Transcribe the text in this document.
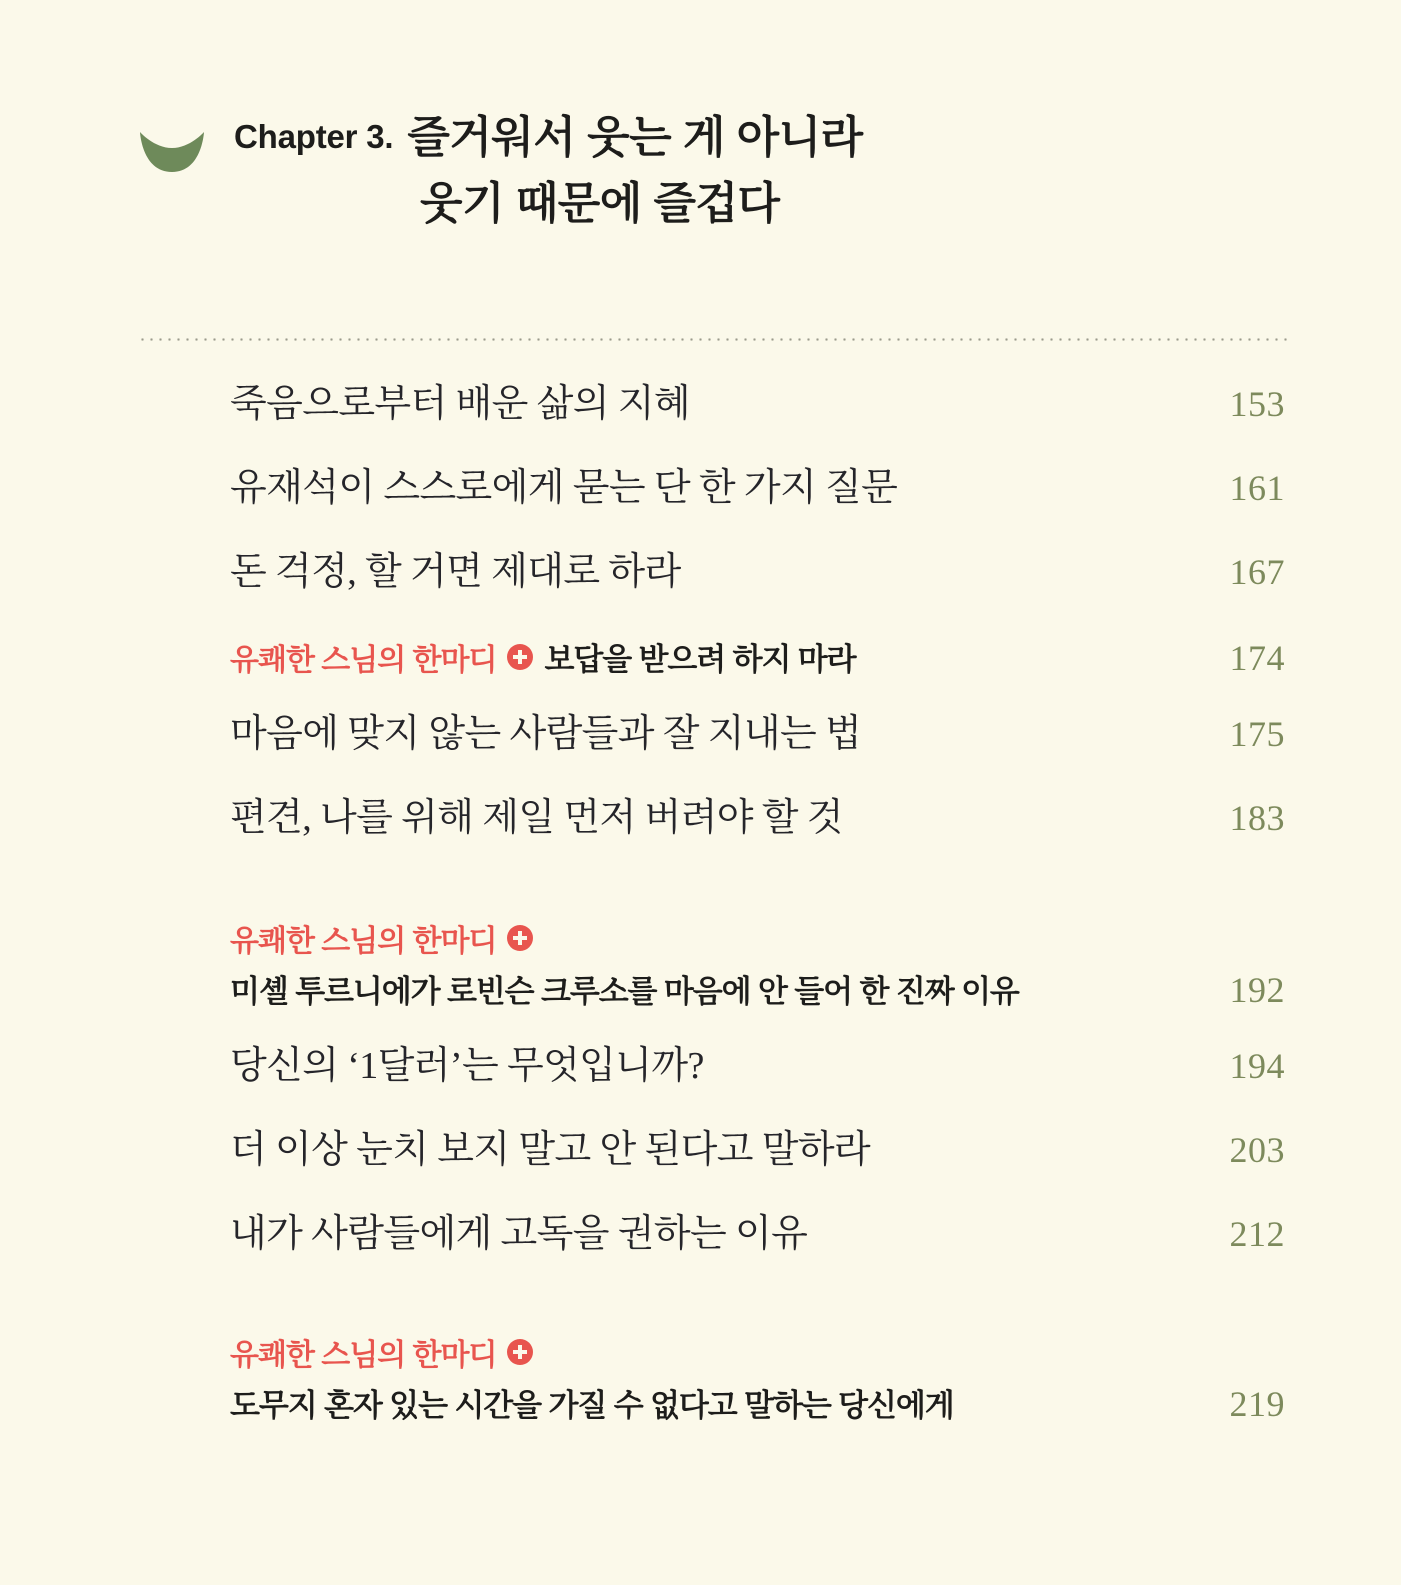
Chapter 3. 즐거워서 웃는 게 아니라
웃기 때문에 즐겁다
죽음으로부터 배운 삶의 지혜	153
유재석이 스스로에게 묻는 단 한 가지 질문	161
돈 걱정, 할 거면 제대로 하라	167
유쾌한 스님의 한마디 보답을 받으려 하지 마라	174
마음에 맞지 않는 사람들과 잘 지내는 법	175
편견, 나를 위해 제일 먼저 버려야 할 것	183
유쾌한 스님의 한마디
미셸 투르니에가 로빈슨 크루소를 마음에 안 들어 한 진짜 이유	192
당신의 ‘1달러’는 무엇입니까?	194
더 이상 눈치 보지 말고 안 된다고 말하라	203
내가 사람들에게 고독을 권하는 이유	212
유쾌한 스님의 한마디
도무지 혼자 있는 시간을 가질 수 없다고 말하는 당신에게	219
